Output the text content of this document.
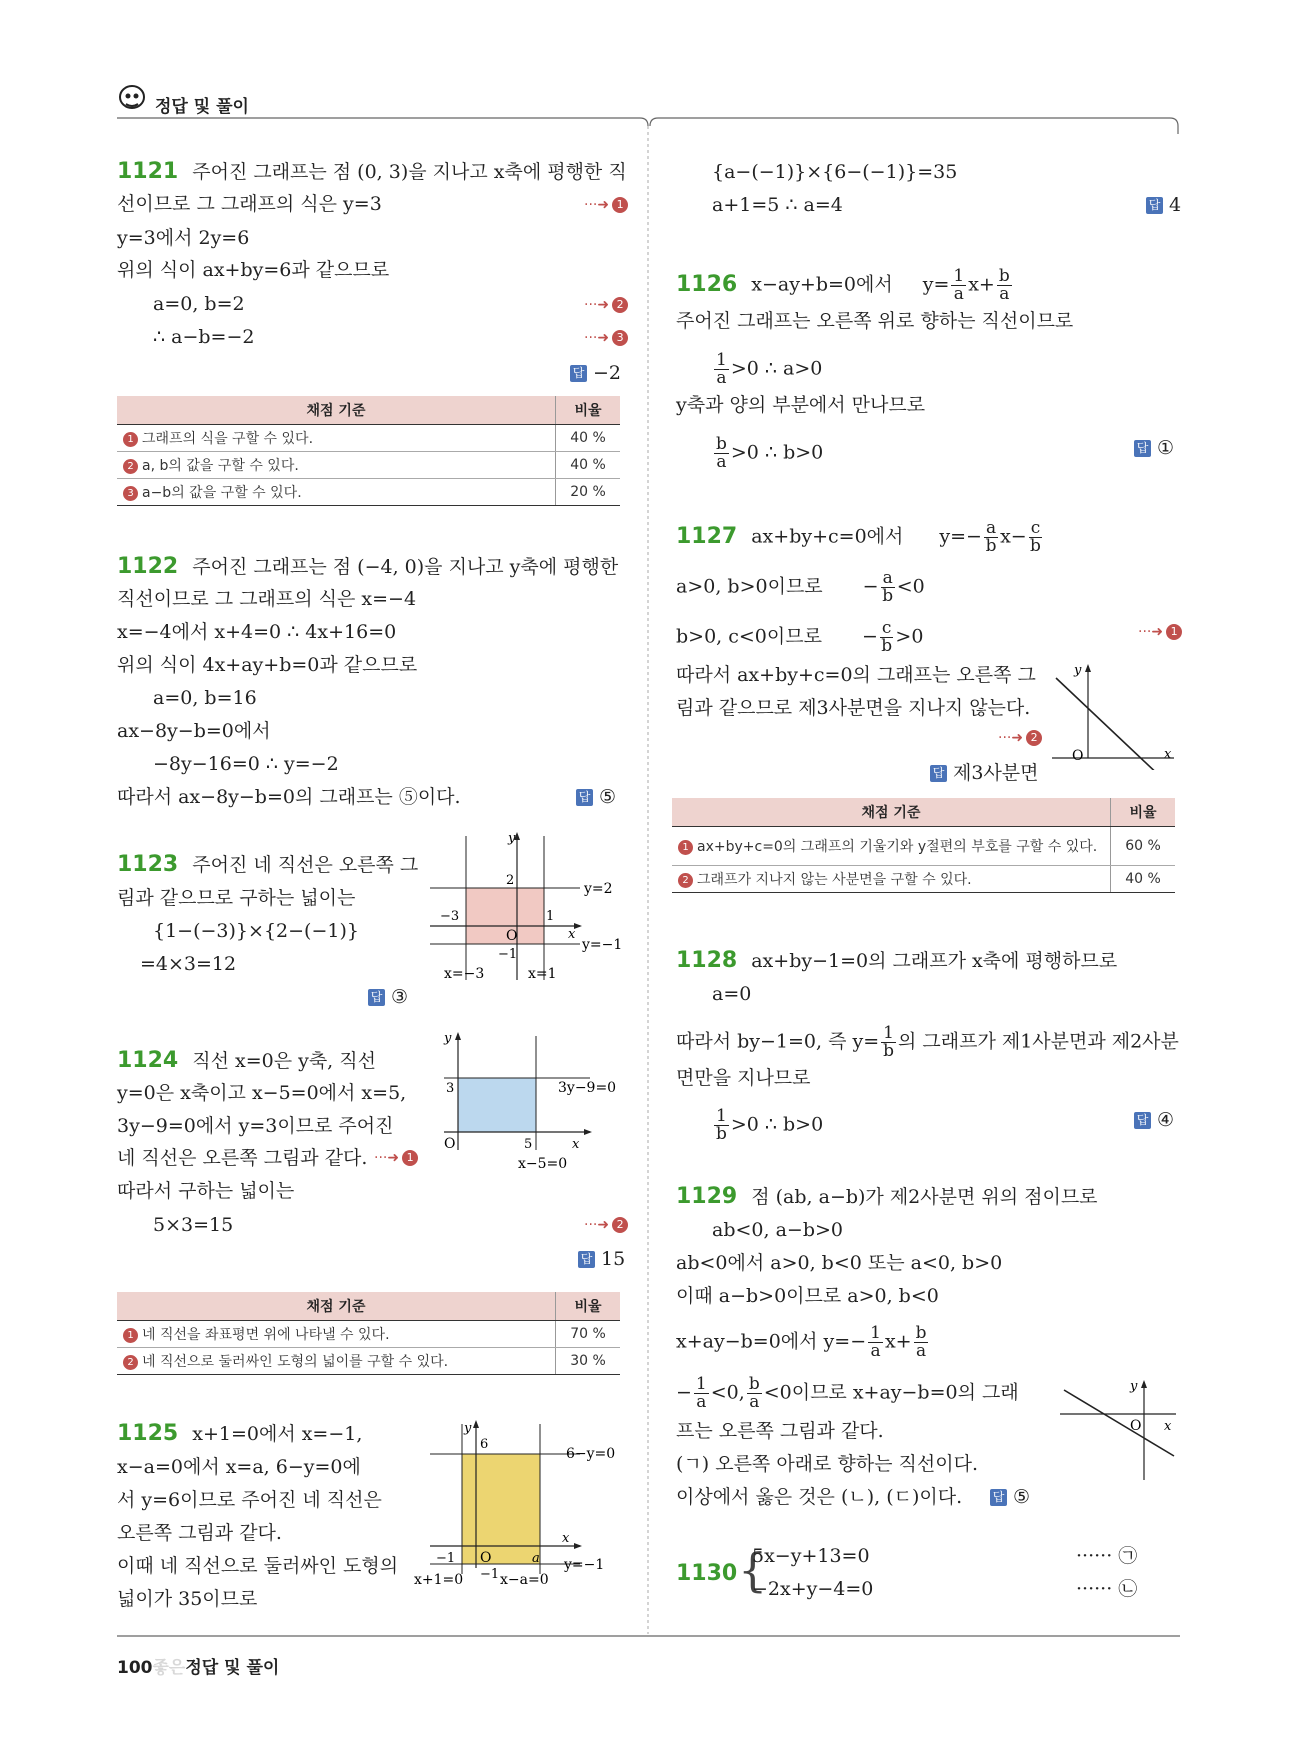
정답 및 풀이
1121 주어진 그래프는 점 (0, 3)을 지나고 x축에 평행한 직
선이므로 그 그래프의 식은 y=3
y=3에서 2y=6
위의 식이 ax+by=6과 같으므로
a=0, b=2
∴ a−b=−2
···➜ 1
···➜ 2
···➜ 3
답 −2
채점 기준	비율
1 그래프의 식을 구할 수 있다.	40 %
2 a, b의 값을 구할 수 있다.	40 %
3 a−b의 값을 구할 수 있다.	20 %
1122 주어진 그래프는 점 (−4, 0)을 지나고 y축에 평행한
직선이므로 그 그래프의 식은 x=−4
x=−4에서 x+4=0 ∴ 4x+16=0
위의 식이 4x+ay+b=0과 같으므로
a=0, b=16
ax−8y−b=0에서
−8y−16=0 ∴ y=−2
따라서 ax−8y−b=0의 그래프는 ⑤이다.	답 ⑤
1123 주어진 네 직선은 오른쪽 그
림과 같으므로 구하는 넓이는
{1−(−3)}×{2−(−1)}
=4×3=12
답 ③
y
x
O
y=2
y=−1
x=−3	x=1
2
−3	1
−1
1124 직선 x=0은 y축, 직선
y=0은 x축이고 x−5=0에서 x=5,
3y−9=0에서 y=3이므로 주어진
네 직선은 오른쪽 그림과 같다.
따라서 구하는 넓이는
5×3=15
···➜ 1
···➜ 2
답 15
y
x
O
3
5
3y−9=0
x−5=0
채점 기준	비율
1 네 직선을 좌표평면 위에 나타낼 수 있다.	70 %
2 네 직선으로 둘러싸인 도형의 넓이를 구할 수 있다.	30 %
1125 x+1=0에서 x=−1,
x−a=0에서 x=a, 6−y=0에
서 y=6이므로 주어진 네 직선은
오른쪽 그림과 같다.
이때 네 직선으로 둘러싸인 도형의
넓이가 35이므로
y
x
O
6
a
−1
−1
6−y=0
y=−1
x+1=0	x−a=0
{a−(−1)}×{6−(−1)}=35
a+1=5 ∴ a=4	답 4
1126 x−ay+b=0에서 $y= \frac{1}{a} x+ \frac{b}{a}$
주어진 그래프는 오른쪽 위로 향하는 직선이므로
$\frac{1}{a} >0$ ∴ a>0
y축과 양의 부분에서 만나므로
$\frac{b}{a} >0$ ∴ b>0	답 ①
1127 ax+by+c=0에서 $y=- \frac{a}{b} x- \frac{c}{b}$
a>0, b>0이므로 − $\frac{a}{b} <0$
b>0, c<0이므로 − $\frac{c}{b} >0$	···➜ 1
따라서 ax+by+c=0의 그래프는 오른쪽 그
림과 같으므로 제3사분면을 지나지 않는다.
···➜ 2
답 제3사분면
y
x
O
채점 기준	비율
1 ax+by+c=0의 그래프의 기울기와 y절편의 부호를 구할 수 있다.	60 %
2 그래프가 지나지 않는 사분면을 구할 수 있다.	40 %
1128 ax+by−1=0의 그래프가 x축에 평행하므로
a=0
따라서 by−1=0, 즉 $y= \frac{1}{b}$ 의 그래프가 제1사분면과 제2사분
면만을 지나므로
$\frac{1}{b} >0$ ∴ b>0	답 ④
1129 점 (ab, a−b)가 제2사분면 위의 점이므로
ab<0, a−b>0
ab<0에서 a>0, b<0 또는 a<0, b>0
이때 a−b>0이므로 a>0, b<0
x+ay−b=0에서 $y=- \frac{1}{a} x+ \frac{b}{a}$
− $\frac{1}{a} <0$, $\frac{b}{a} <0$이므로 x+ay−b=0의 그래
프는 오른쪽 그림과 같다.
(ㄱ) 오른쪽 아래로 향하는 직선이다.
이상에서 옳은 것은 (ㄴ), (ㄷ)이다.	답 ⑤
y
x
O
1130 {
5x−y+13=0
−2x+y−4=0
······ ㉠
······ ㉡
100좋은정답 및 풀이
